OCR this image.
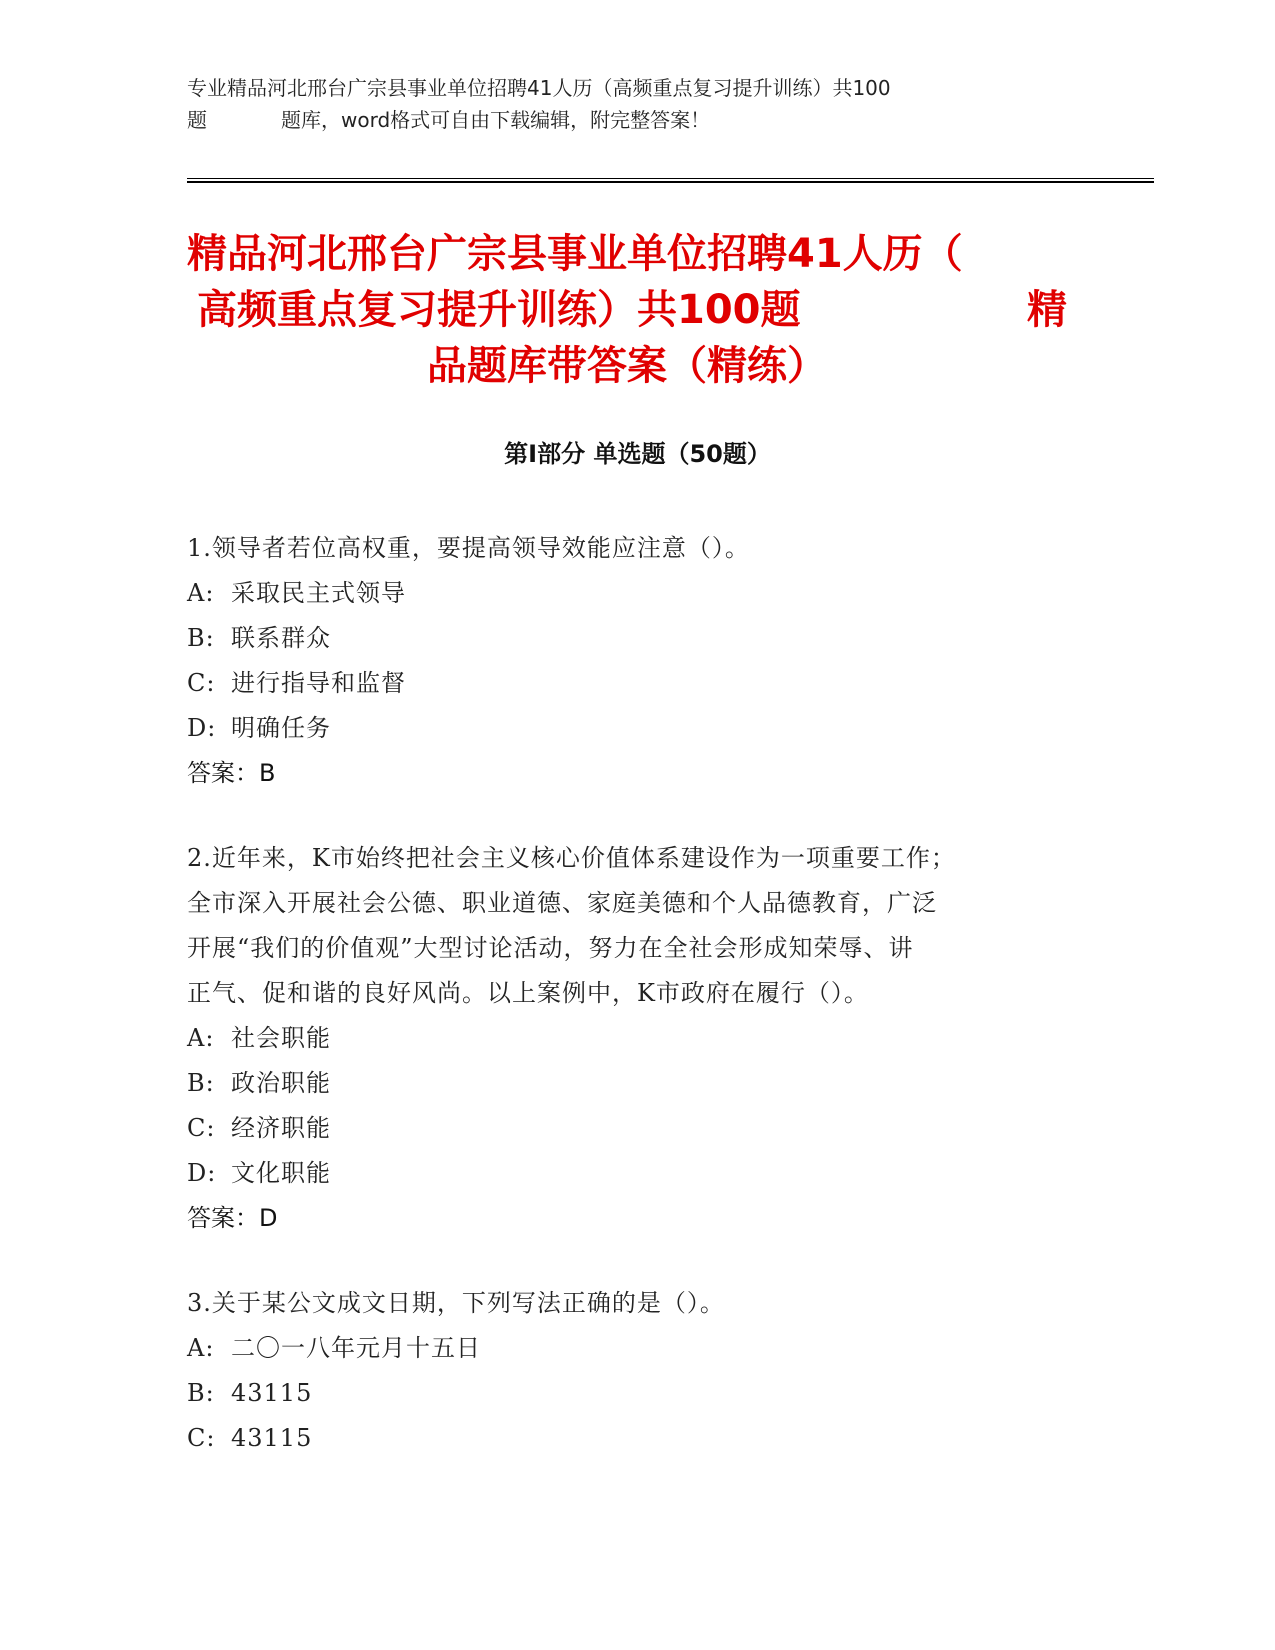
专业精品河北邢台广宗县事业单位招聘41人历（高频重点复习提升训练）共100
题	题库，word格式可自由下载编辑，附完整答案！
精品河北邢台广宗县事业单位招聘41人历（
高频重点复习提升训练）共100题	精
品题库带答案（精练）
第Ⅰ部分 单选题（50题）
1.领导者若位高权重，要提高领导效能应注意（）。
A: 采取民主式领导
B: 联系群众
C: 进行指导和监督
D: 明确任务
答案：B
2.近年来，K市始终把社会主义核心价值体系建设作为一项重要工作；
全市深入开展社会公德、职业道德、家庭美德和个人品德教育，广泛
开展“我们的价值观”大型讨论活动，努力在全社会形成知荣辱、讲
正气、促和谐的良好风尚。以上案例中，K市政府在履行（）。
A: 社会职能
B: 政治职能
C: 经济职能
D: 文化职能
答案：D
3.关于某公文成文日期，下列写法正确的是（）。
A: 二〇一八年元月十五日
B: 43115
C: 43115
